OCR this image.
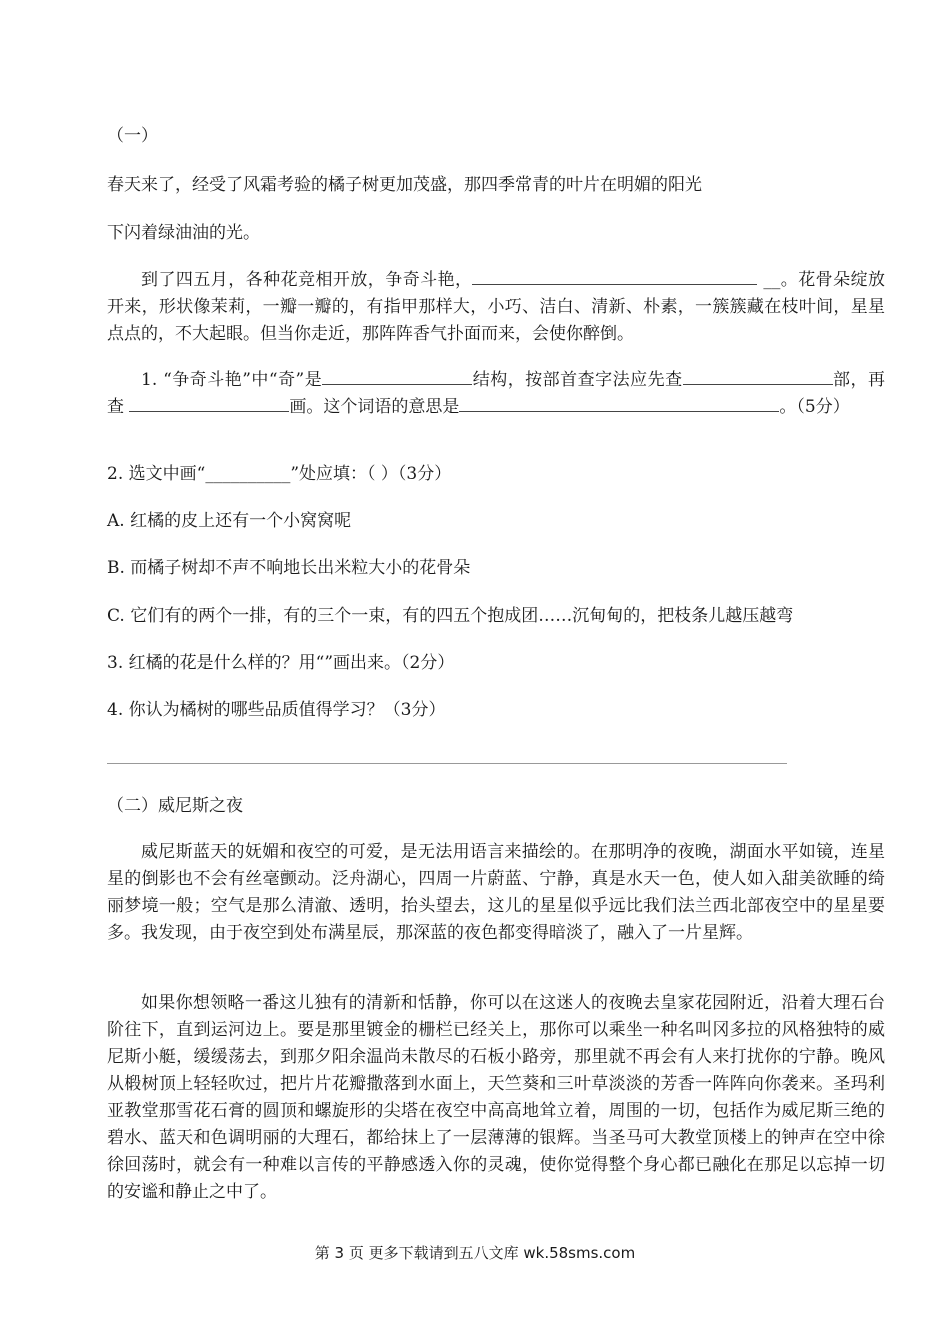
（一）
春天来了，经受了风霜考验的橘子树更加茂盛，那四季常青的叶片在明媚的阳光
下闪着绿油油的光。
到了四五月，各种花竞相开放，争奇斗艳，	__。花骨朵绽放开来，形状像茉莉，一瓣一瓣的，有指甲那样大，小巧、洁白、清新、朴素，一簇簇藏在枝叶间，星星点点的，不大起眼。但当你走近，那阵阵香气扑面而来，会使你醉倒。
1. “争奇斗艳”中“奇”是	结构，按部首查字法应先查	部，再查	画。这个词语的意思是	。（5分）
2. 选文中画“__________”处应填：（ ）（3分）
A. 红橘的皮上还有一个小窝窝呢
B. 而橘子树却不声不响地长出米粒大小的花骨朵
C. 它们有的两个一排，有的三个一束，有的四五个抱成团……沉甸甸的，把枝条儿越压越弯
3. 红橘的花是什么样的？用“”画出来。（2分）
4. 你认为橘树的哪些品质值得学习？（3分）
（二）威尼斯之夜
威尼斯蓝天的妩媚和夜空的可爱，是无法用语言来描绘的。在那明净的夜晚，湖面水平如镜，连星星的倒影也不会有丝毫颤动。泛舟湖心，四周一片蔚蓝、宁静，真是水天一色，使人如入甜美欲睡的绮丽梦境一般；空气是那么清澈、透明，抬头望去，这儿的星星似乎远比我们法兰西北部夜空中的星星要多。我发现，由于夜空到处布满星辰，那深蓝的夜色都变得暗淡了，融入了一片星辉。
如果你想领略一番这儿独有的清新和恬静，你可以在这迷人的夜晚去皇家花园附近，沿着大理石台阶往下，直到运河边上。要是那里镀金的栅栏已经关上，那你可以乘坐一种名叫冈多拉的风格独特的威尼斯小艇，缓缓荡去，到那夕阳余温尚未散尽的石板小路旁，那里就不再会有人来打扰你的宁静。晚风从椴树顶上轻轻吹过，把片片花瓣撒落到水面上，天竺葵和三叶草淡淡的芳香一阵阵向你袭来。圣玛利亚教堂那雪花石膏的圆顶和螺旋形的尖塔在夜空中高高地耸立着，周围的一切，包括作为威尼斯三绝的碧水、蓝天和色调明丽的大理石，都给抹上了一层薄薄的银辉。当圣马可大教堂顶楼上的钟声在空中徐徐回荡时，就会有一种难以言传的平静感透入你的灵魂，使你觉得整个身心都已融化在那足以忘掉一切的安谧和静止之中了。
第 3 页 更多下载请到五八文库 wk.58sms.com
